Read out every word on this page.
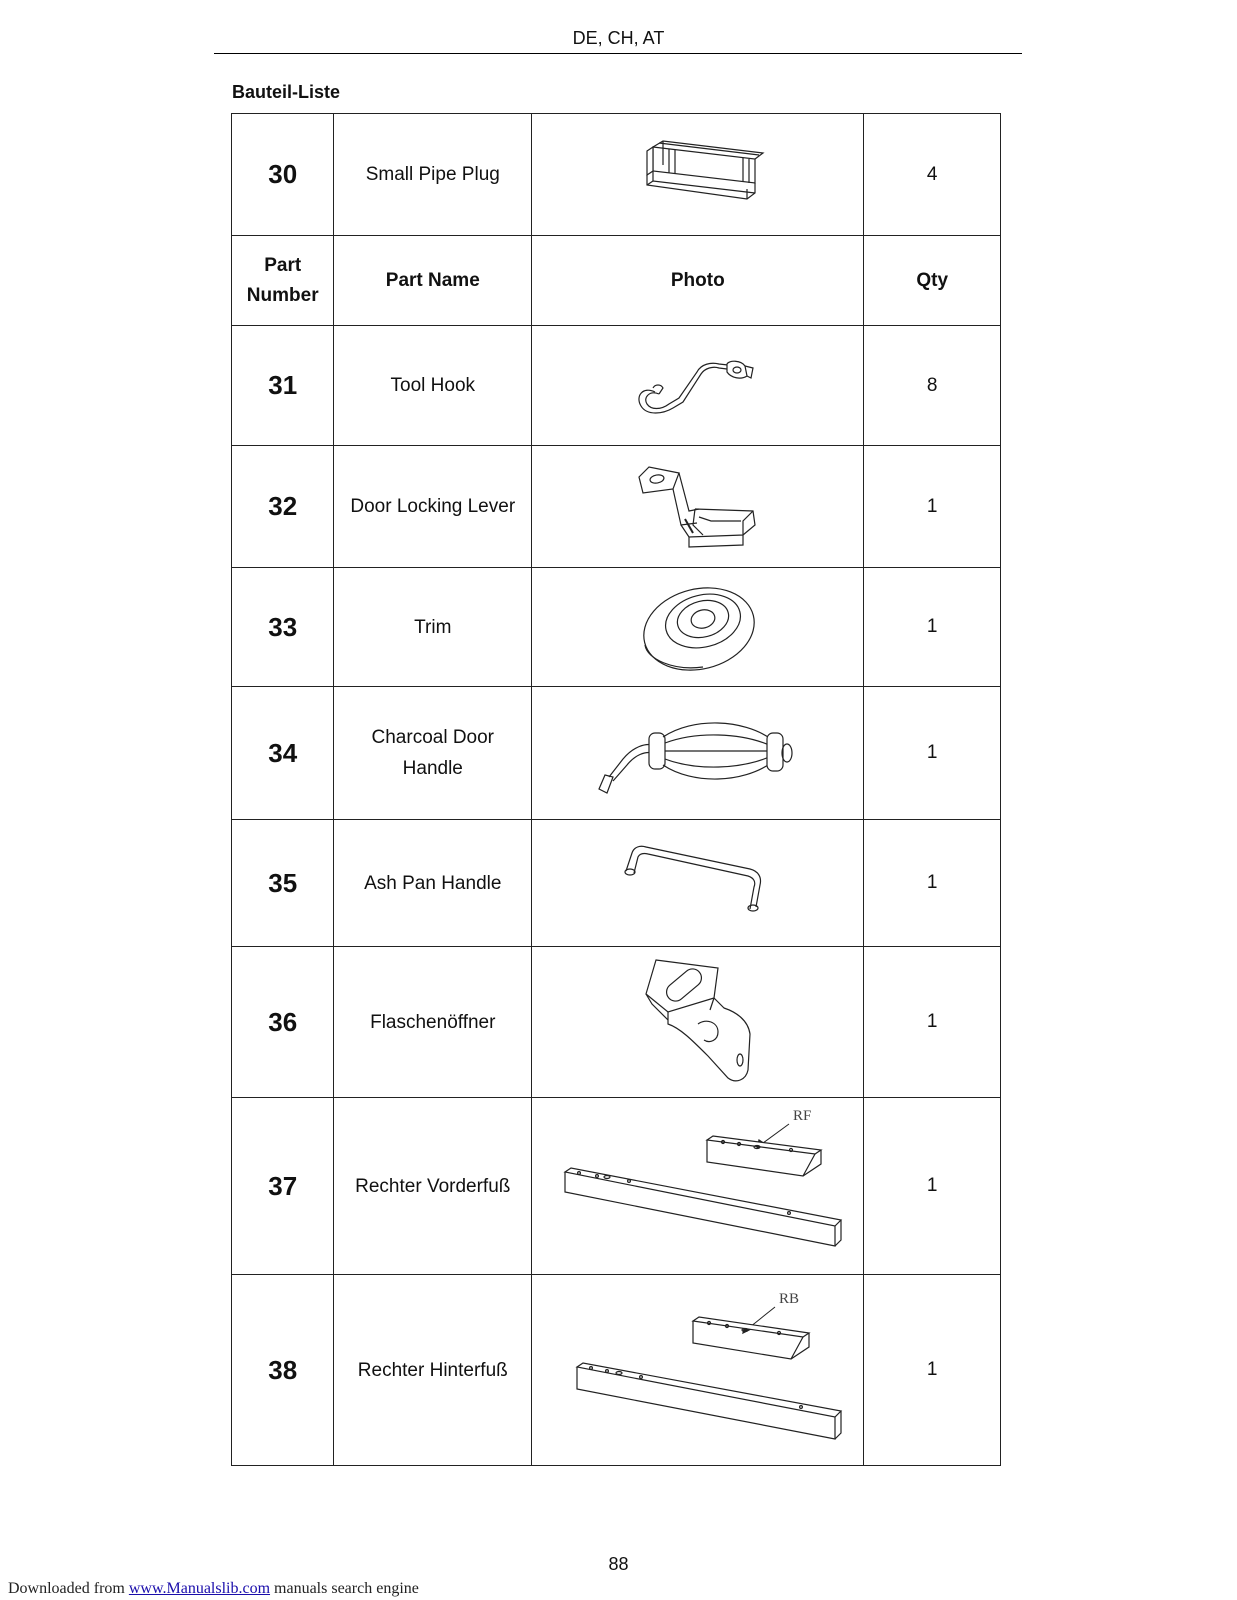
DE, CH, AT
Bauteil-Liste
30	Small Pipe Plug		4
Part Number	Part Name	Photo	Qty
31	Tool Hook		8
32	Door Locking Lever		1
33	Trim		1
34	Charcoal Door Handle		1
35	Ash Pan Handle		1
36	Flaschenöffner		1
37	Rechter Vorderfuß	RF	1
38	Rechter Hinterfuß	RB	1
88
Downloaded from www.Manualslib.com manuals search engine
